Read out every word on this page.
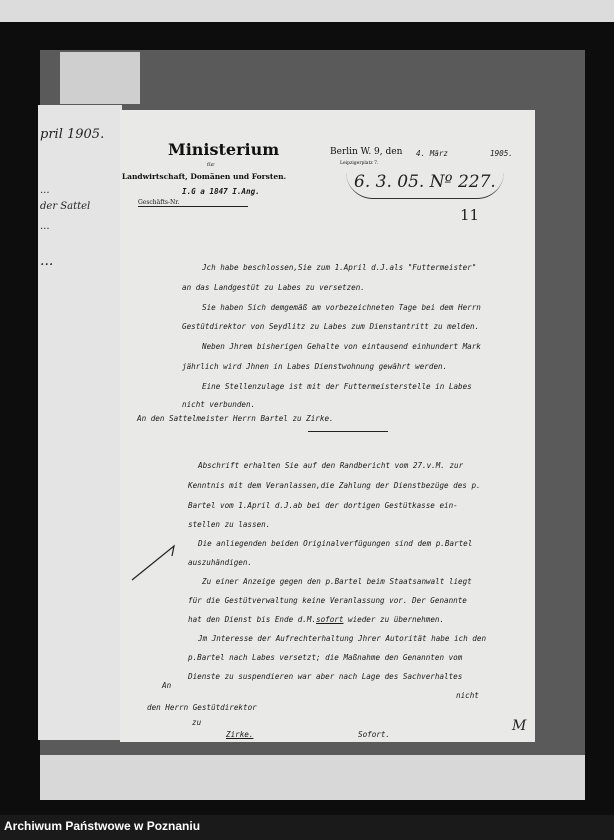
pril 1905.
...
der Sattel
...
...
Ministerium
für
Landwirtschaft, Domänen und Forsten.
I.G a 1847 I.Ang.
Geschäfts-Nr.
Berlin W. 9, den 4. März	1905.
Leipzigerplatz 7.
6. 3. 05. Nº 227.
11
Jch habe beschlossen,Sie zum 1.April d.J.als "Futtermeister"
an das Landgestüt zu Labes zu versetzen.
Sie haben Sich demgemäß am vorbezeichneten Tage bei dem Herrn
Gestütdirektor von Seydlitz zu Labes zum Dienstantritt zu melden.
Neben Jhrem bisherigen Gehalte von eintausend einhundert Mark
jährlich wird Jhnen in Labes Dienstwohnung gewährt werden.
Eine Stellenzulage ist mit der Futtermeisterstelle in Labes
nicht verbunden.
An den Sattelmeister Herrn Bartel zu Zirke.
Abschrift erhalten Sie auf den Randbericht vom 27.v.M. zur
Kenntnis mit dem Veranlassen,die Zahlung der Dienstbezüge des p.
Bartel vom 1.April d.J.ab bei der dortigen Gestütkasse ein-
stellen zu lassen.
Die anliegenden beiden Originalverfügungen sind dem p.Bartel
auszuhändigen.
Zu einer Anzeige gegen den p.Bartel beim Staatsanwalt liegt
für die Gestütverwaltung keine Veranlassung vor. Der Genannte
hat den Dienst bis Ende d.M.sofort wieder zu übernehmen.
Jm Jnteresse der Aufrechterhaltung Jhrer Autorität habe ich den
p.Bartel nach Labes versetzt; die Maßnahme den Genannten vom
Dienste zu suspendieren war aber nach Lage des Sachverhaltes
An
nicht
den Herrn Gestütdirektor
zu
Zirke.	Sofort.
M
Archiwum Państwowe w Poznaniu
